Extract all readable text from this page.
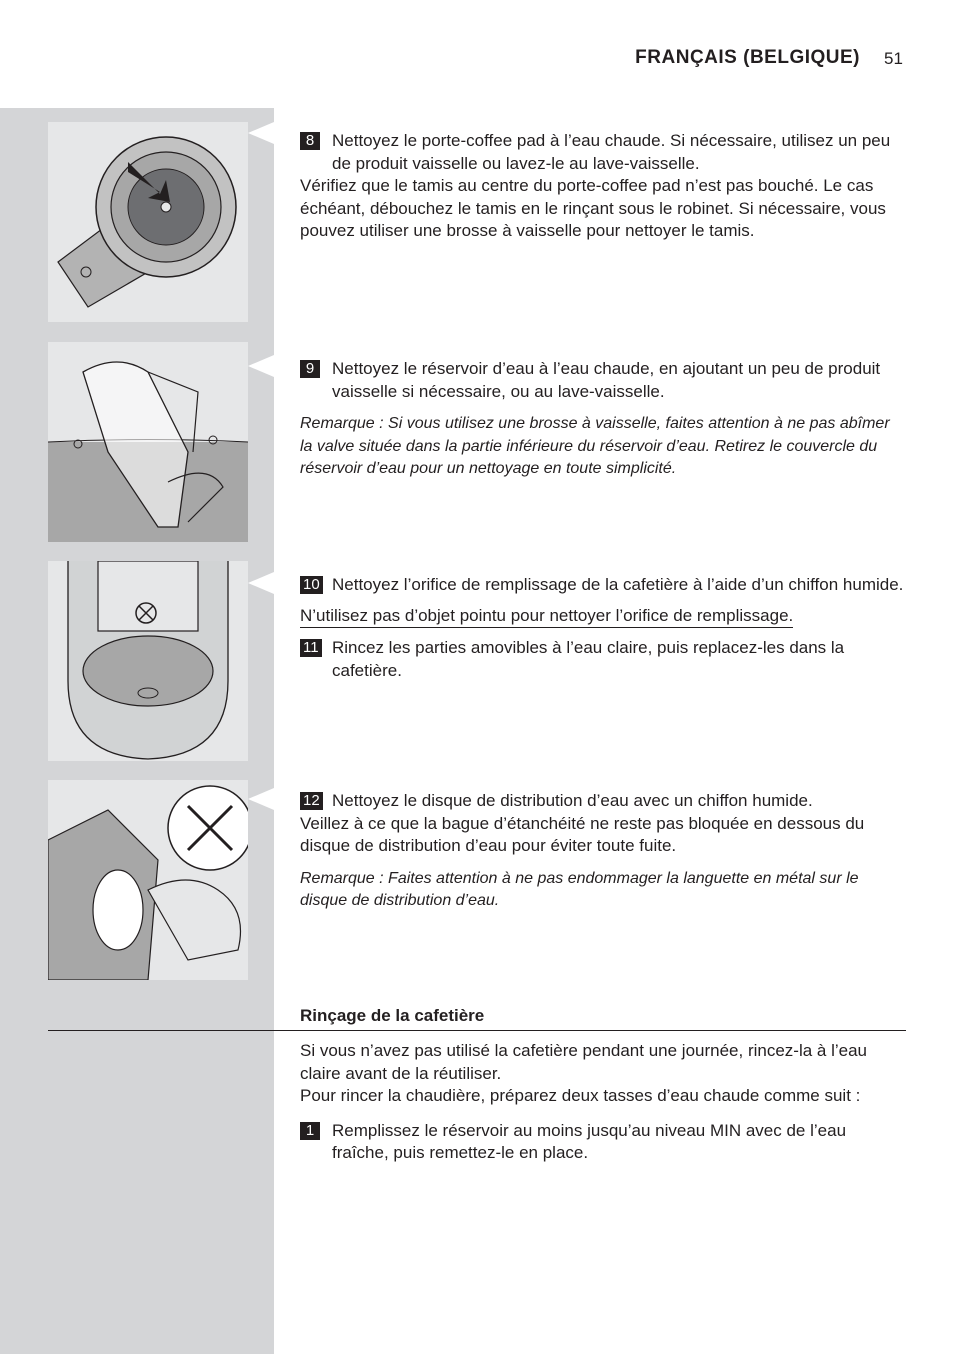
FRANÇAIS (BELGIQUE) 51
8	Nettoyez le porte-coffee pad à l’eau chaude. Si nécessaire, utilisez un peu de produit vaisselle ou lavez-le au lave-vaisselle.
Vérifiez que le tamis au centre du porte-coffee pad n’est pas bouché. Le cas échéant, débouchez le tamis en le rinçant sous le robinet. Si nécessaire, vous pouvez utiliser une brosse à vaisselle pour nettoyer le tamis.
9	Nettoyez le réservoir d’eau à l’eau chaude, en ajoutant un peu de produit vaisselle si nécessaire, ou au lave-vaisselle.
Remarque : Si vous utilisez une brosse à vaisselle, faites attention à ne pas abîmer la valve située dans la partie inférieure du réservoir d’eau. Retirez le couvercle du réservoir d’eau pour un nettoyage en toute simplicité.
10 Nettoyez l’orifice de remplissage de la cafetière à l’aide d’un chiffon humide.
N’utilisez pas d’objet pointu pour nettoyer l’orifice de remplissage.
11 Rincez les parties amovibles à l’eau claire, puis replacez-les dans la cafetière.
12 Nettoyez le disque de distribution d’eau avec un chiffon humide.
Veillez à ce que la bague d’étanchéité ne reste pas bloquée en dessous du disque de distribution d’eau pour éviter toute fuite.
Remarque : Faites attention à ne pas endommager la languette en métal sur le disque de distribution d’eau.
Rinçage de la cafetière
Si vous n’avez pas utilisé la cafetière pendant une journée, rincez-la à l’eau claire avant de la réutiliser.
Pour rincer la chaudière, préparez deux tasses d’eau chaude comme suit :
1	Remplissez le réservoir au moins jusqu’au niveau MIN avec de l’eau fraîche, puis remettez-le en place.
